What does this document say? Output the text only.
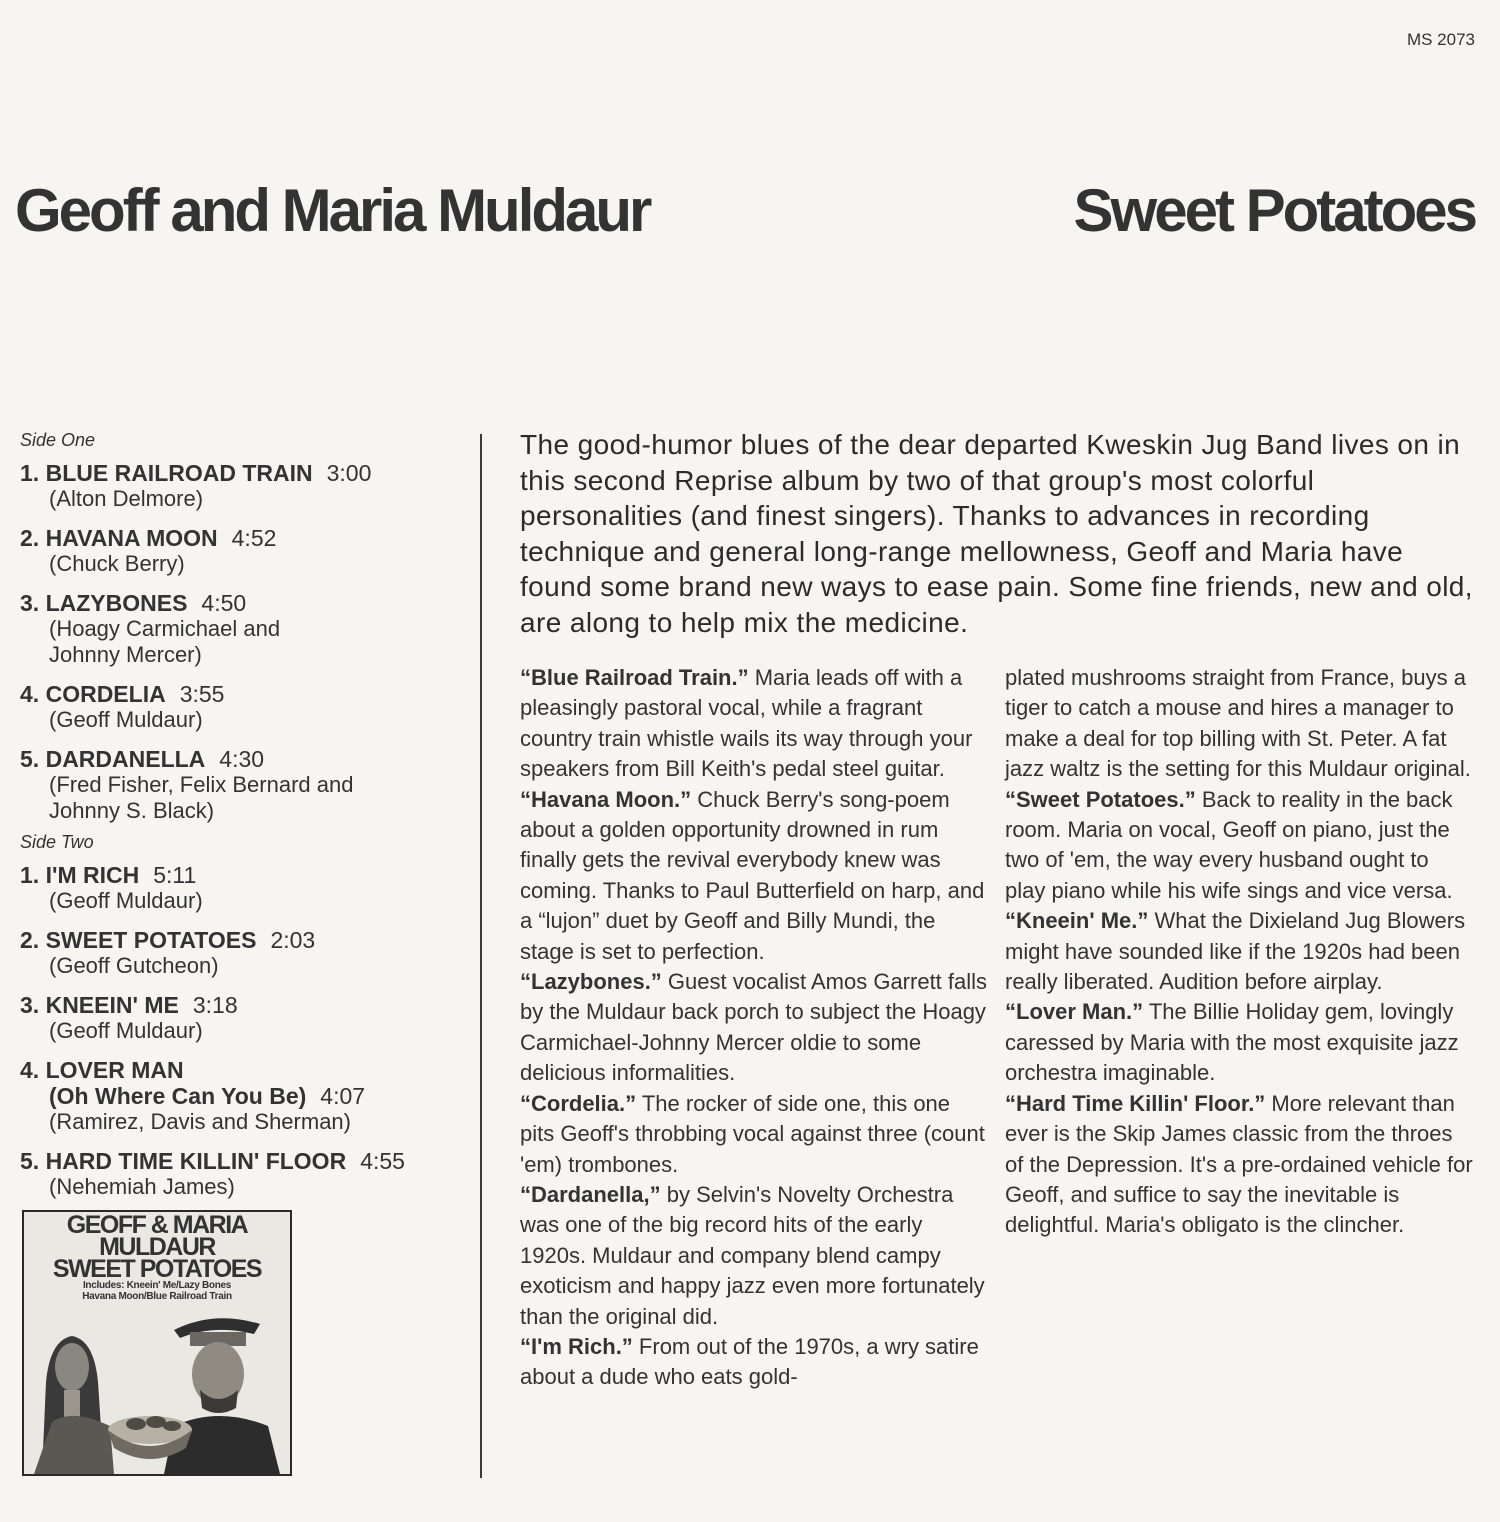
MS 2073
Geoff and Maria Muldaur	Sweet Potatoes
Side One
1. BLUE RAILROAD TRAIN 3:00
(Alton Delmore)
2. HAVANA MOON 4:52
(Chuck Berry)
3. LAZYBONES 4:50
(Hoagy Carmichael and
Johnny Mercer)
4. CORDELIA 3:55
(Geoff Muldaur)
5. DARDANELLA 4:30
(Fred Fisher, Felix Bernard and
Johnny S. Black)
Side Two
1. I'M RICH 5:11
(Geoff Muldaur)
2. SWEET POTATOES 2:03
(Geoff Gutcheon)
3. KNEEIN' ME 3:18
(Geoff Muldaur)
4. LOVER MAN
(Oh Where Can You Be) 4:07
(Ramirez, Davis and Sherman)
5. HARD TIME KILLIN' FLOOR 4:55
(Nehemiah James)
GEOFF & MARIA
MULDAUR
SWEET POTATOES
Includes: Kneein' Me/Lazy Bones
Havana Moon/Blue Railroad Train

The good-humor blues of the dear departed Kweskin Jug Band lives on in this second Reprise album by two of that group's most colorful personalities (and finest singers). Thanks to advances in recording technique and general long-range mellowness, Geoff and Maria have found some brand new ways to ease pain. Some fine friends, new and old, are along to help mix the medicine.

“Blue Railroad Train.” Maria leads off with a pleasingly pastoral vocal, while a fragrant country train whistle wails its way through your speakers from Bill Keith's pedal steel guitar.

“Havana Moon.” Chuck Berry's song-poem about a golden opportunity drowned in rum finally gets the revival everybody knew was coming. Thanks to Paul Butterfield on harp, and a “lujon” duet by Geoff and Billy Mundi, the stage is set to perfection.

“Lazybones.” Guest vocalist Amos Garrett falls by the Muldaur back porch to subject the Hoagy Carmichael-Johnny Mercer oldie to some delicious informalities.

“Cordelia.” The rocker of side one, this one pits Geoff's throbbing vocal against three (count 'em) trombones.

“Dardanella,” by Selvin's Novelty Orchestra was one of the big record hits of the early 1920s. Muldaur and company blend campy exoticism and happy jazz even more fortunately than the original did.

“I'm Rich.” From out of the 1970s, a wry satire about a dude who eats gold-

plated mushrooms straight from France, buys a tiger to catch a mouse and hires a manager to make a deal for top billing with St. Peter. A fat jazz waltz is the setting for this Muldaur original.

“Sweet Potatoes.” Back to reality in the back room. Maria on vocal, Geoff on piano, just the two of 'em, the way every husband ought to play piano while his wife sings and vice versa.

“Kneein' Me.” What the Dixieland Jug Blowers might have sounded like if the 1920s had been really liberated. Audition before airplay.

“Lover Man.” The Billie Holiday gem, lovingly caressed by Maria with the most exquisite jazz orchestra imaginable.

“Hard Time Killin' Floor.” More relevant than ever is the Skip James classic from the throes of the Depression. It's a pre-ordained vehicle for Geoff, and suffice to say the inevitable is delightful. Maria's obligato is the clincher.
